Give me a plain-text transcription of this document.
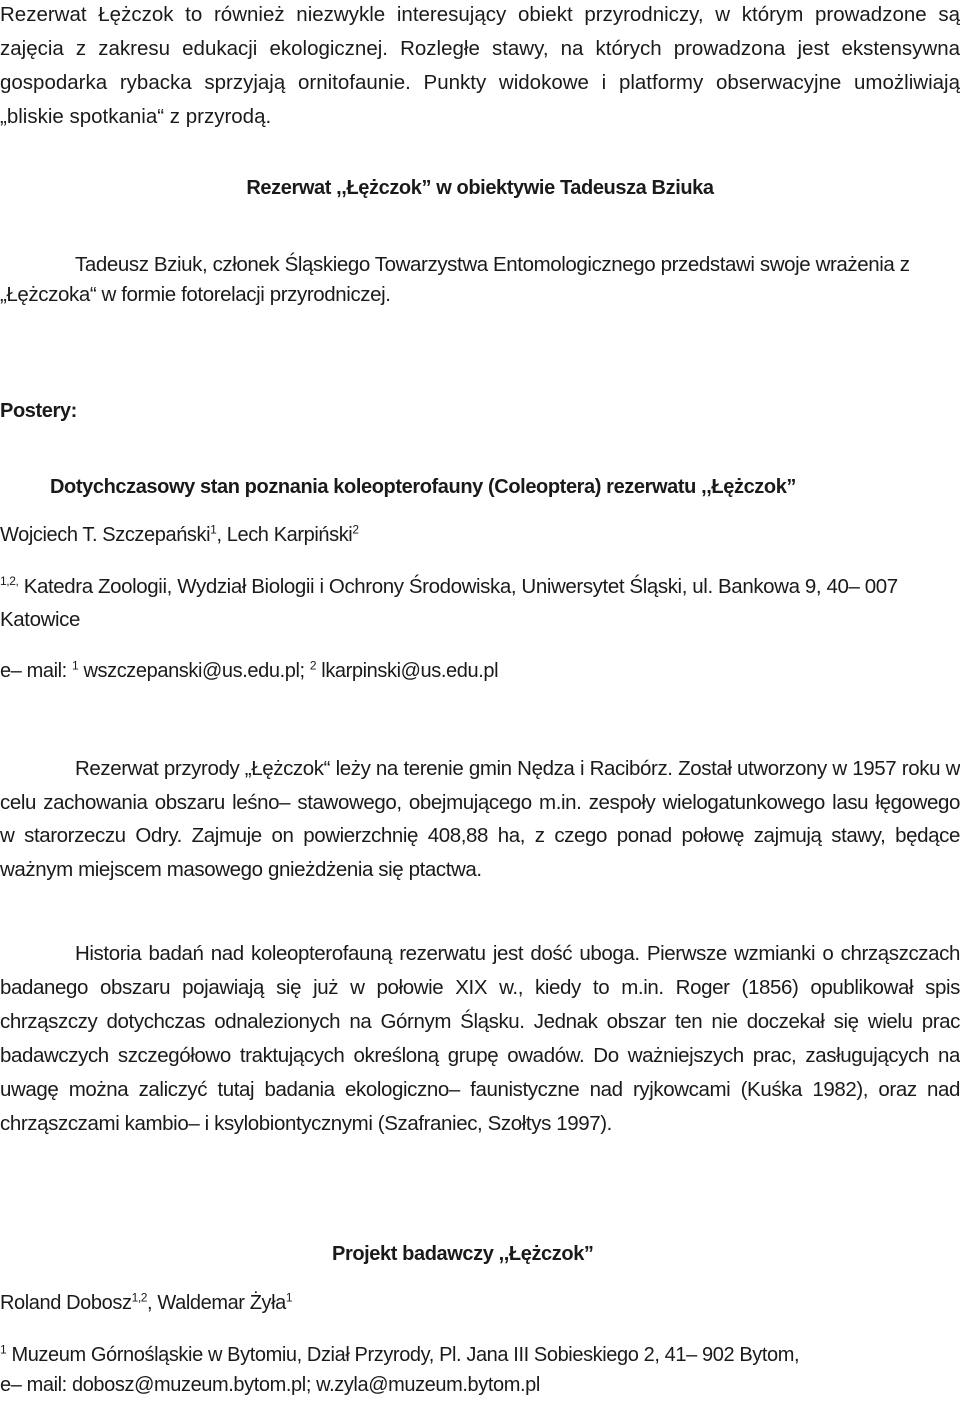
Rezerwat Łężczok to również niezwykle interesujący obiekt przyrodniczy, w którym prowadzone są zajęcia z zakresu edukacji ekologicznej. Rozległe stawy, na których prowadzona jest ekstensywna gospodarka rybacka sprzyjają ornitofaunie. Punkty widokowe i platformy obserwacyjne umożliwiają „bliskie spotkania“ z przyrodą.

Rezerwat ,,Łężczok” w obiektywie Tadeusza Bziuka

Tadeusz Bziuk, członek Śląskiego Towarzystwa Entomologicznego przedstawi swoje wrażenia z „Łężczoka“ w formie fotorelacji przyrodniczej.

Postery:

Dotychczasowy stan poznania koleopterofauny (Coleoptera) rezerwatu ,,Łężczok”

Wojciech T. Szczepański$^1$, Lech Karpiński$^2$

$^{1,2,}$ Katedra Zoologii, Wydział Biologii i Ochrony Środowiska, Uniwersytet Śląski, ul. Bankowa 9, 40– 007 Katowice

e– mail: $^1$ wszczepanski@us.edu.pl; $^2$ lkarpinski@us.edu.pl

Rezerwat przyrody „Łężczok“ leży na terenie gmin Nędza i Racibórz. Został utworzony w 1957 roku w celu zachowania obszaru leśno– stawowego, obejmującego m.in. zespoły wielogatunkowego lasu łęgowego w starorzeczu Odry. Zajmuje on powierzchnię 408,88 ha, z czego ponad połowę zajmują stawy, będące ważnym miejscem masowego gnieżdżenia się ptactwa.

Historia badań nad koleopterofauną rezerwatu jest dość uboga. Pierwsze wzmianki o chrząszczach badanego obszaru pojawiają się już w połowie XIX w., kiedy to m.in. Roger (1856) opublikował spis chrząszczy dotychczas odnalezionych na Górnym Śląsku. Jednak obszar ten nie doczekał się wielu prac badawczych szczegółowo traktujących określoną grupę owadów. Do ważniejszych prac, zasługujących na uwagę można zaliczyć tutaj badania ekologiczno– faunistyczne nad ryjkowcami (Kuśka 1982), oraz nad chrząszczami kambio– i ksylobiontycznymi (Szafraniec, Szołtys 1997).

Projekt badawczy ,,Łężczok”

Roland Dobosz$^{1,2}$, Waldemar Żyła$^1$

$^1$ Muzeum Górnośląskie w Bytomiu, Dział Przyrody, Pl. Jana III Sobieskiego 2, 41– 902 Bytom,

e– mail: dobosz@muzeum.bytom.pl; w.zyla@muzeum.bytom.pl
